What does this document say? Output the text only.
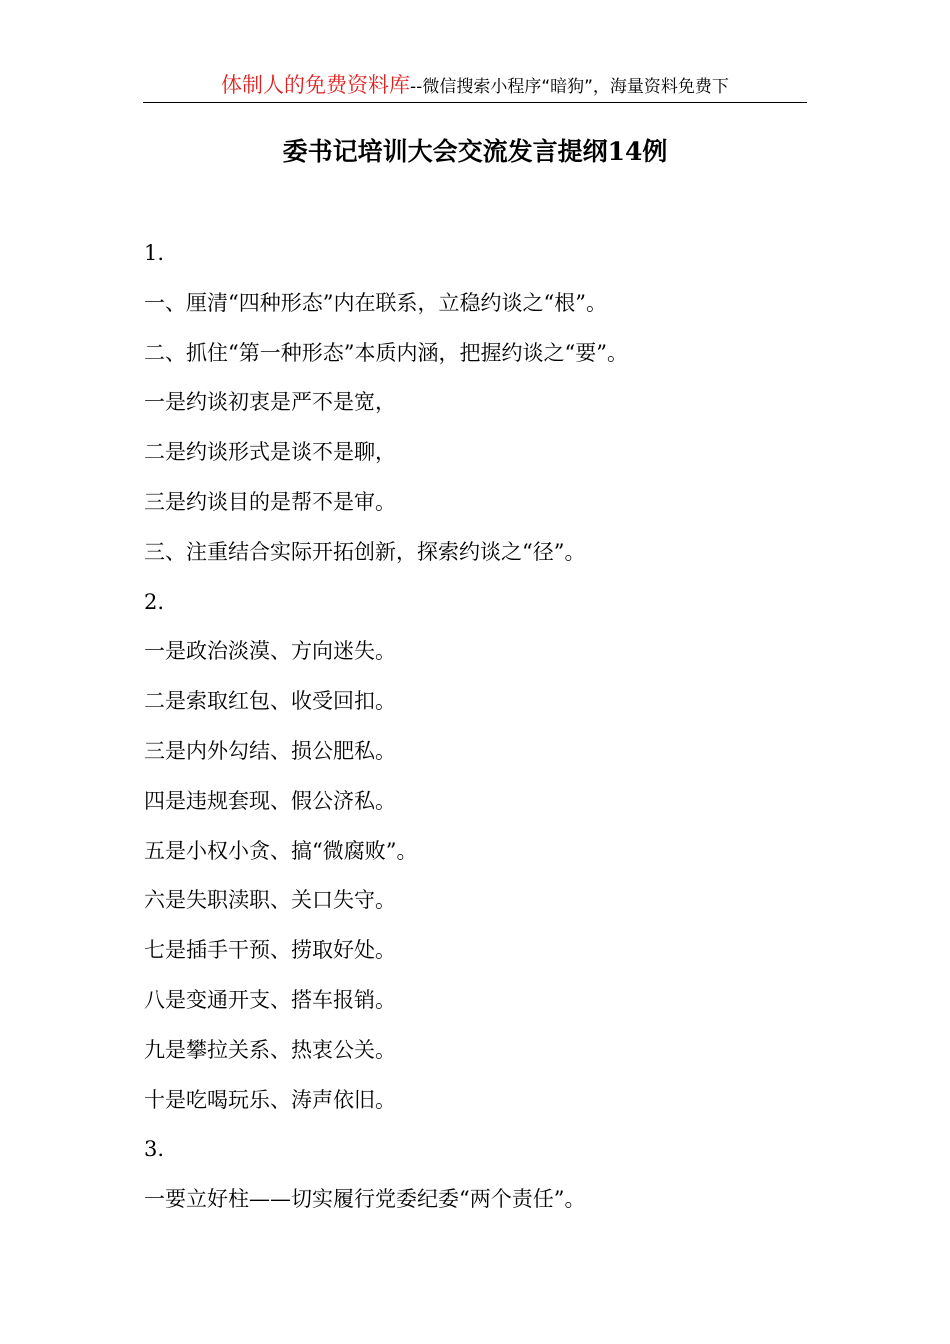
体制人的免费资料库--微信搜索小程序“暗狗”，海量资料免费下
委书记培训大会交流发言提纲14例
1.
一、厘清“四种形态”内在联系，立稳约谈之“根”。
二、抓住“第一种形态”本质内涵，把握约谈之“要”。
一是约谈初衷是严不是宽，
二是约谈形式是谈不是聊，
三是约谈目的是帮不是审。
三、注重结合实际开拓创新，探索约谈之“径”。
2.
一是政治淡漠、方向迷失。
二是索取红包、收受回扣。
三是内外勾结、损公肥私。
四是违规套现、假公济私。
五是小权小贪、搞“微腐败”。
六是失职渎职、关口失守。
七是插手干预、捞取好处。
八是变通开支、搭车报销。
九是攀拉关系、热衷公关。
十是吃喝玩乐、涛声依旧。
3.
一要立好柱——切实履行党委纪委“两个责任”。
